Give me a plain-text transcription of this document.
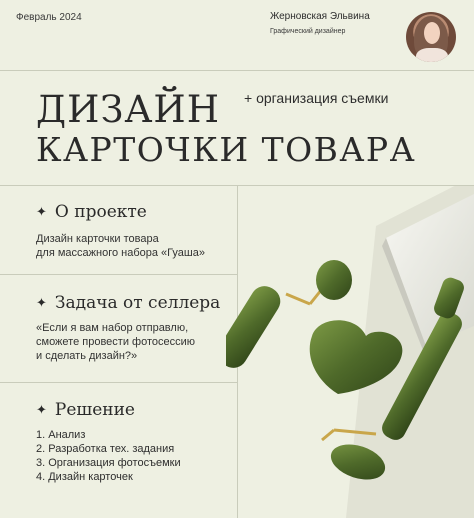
Февраль 2024	Жерновская Эльвина
Графический дизайнер
ДИЗАЙН
КАРТОЧКИ ТОВАРА
+ организация съемки
✦ О проекте
Дизайн карточки товара
для массажного набора «Гуаша»
✦ Задача от селлера
«Если я вам набор отправлю,
сможете провести фотосессию
и сделать дизайн?»
✦ Решение
1. Анализ
2. Разработка тех. задания
3. Организация фотосъемки
4. Дизайн карточек
